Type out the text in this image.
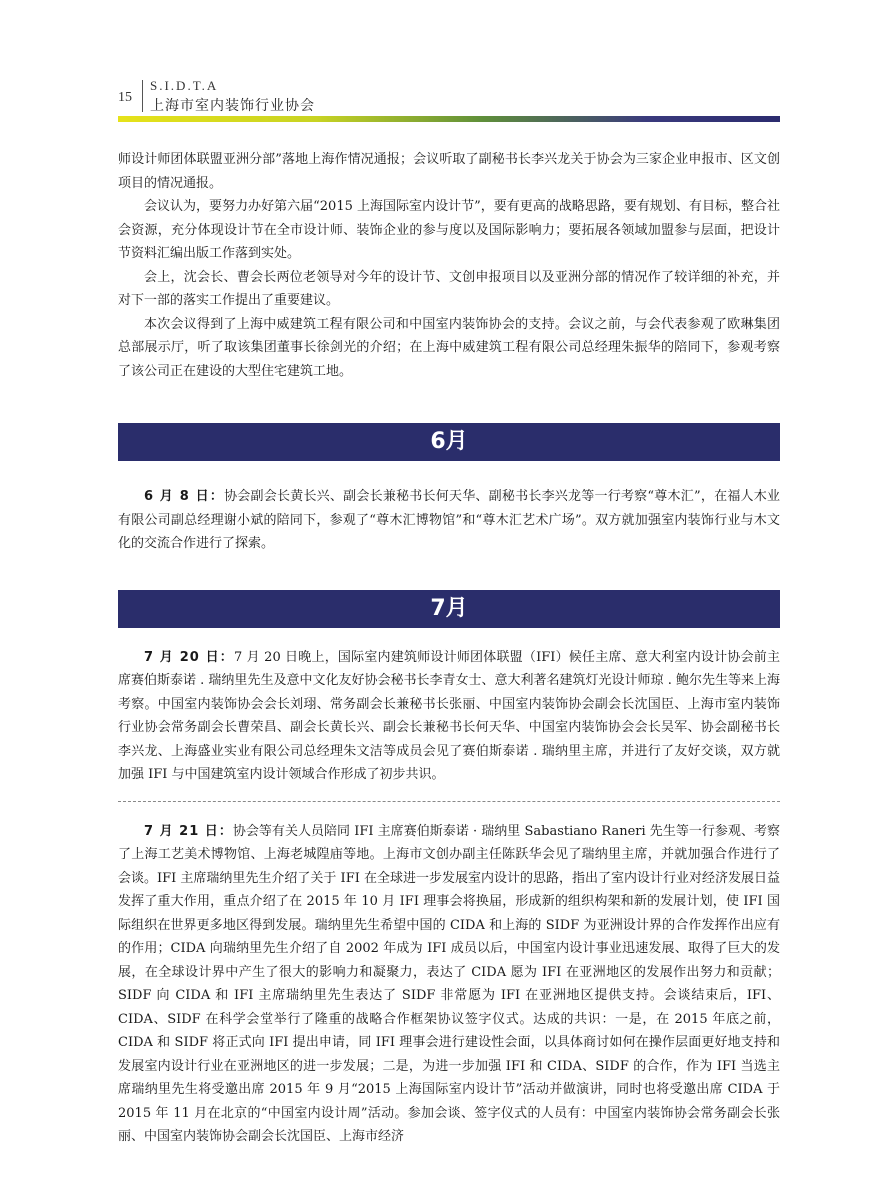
15
S.I.D.T.A
上海市室内装饰行业协会

师设计师团体联盟亚洲分部”落地上海作情况通报；会议听取了副秘书长李兴龙关于协会为三家企业申报市、区文创项目的情况通报。

会议认为，要努力办好第六届“2015 上海国际室内设计节”，要有更高的战略思路，要有规划、有目标，整合社会资源，充分体现设计节在全市设计师、装饰企业的参与度以及国际影响力；要拓展各领域加盟参与层面，把设计节资料汇编出版工作落到实处。

会上，沈会长、曹会长两位老领导对今年的设计节、文创申报项目以及亚洲分部的情况作了较详细的补充，并对下一部的落实工作提出了重要建议。

本次会议得到了上海中威建筑工程有限公司和中国室内装饰协会的支持。会议之前，与会代表参观了欧琳集团总部展示厅，听了取该集团董事长徐剑光的介绍；在上海中威建筑工程有限公司总经理朱振华的陪同下，参观考察了该公司正在建设的大型住宅建筑工地。

6月

6 月 8 日：协会副会长黄长兴、副会长兼秘书长何天华、副秘书长李兴龙等一行考察“尊木汇”，在福人木业有限公司副总经理谢小斌的陪同下，参观了“尊木汇博物馆”和“尊木汇艺术广场”。双方就加强室内装饰行业与木文化的交流合作进行了探索。

7月

7 月 20 日：7 月 20 日晚上，国际室内建筑师设计师团体联盟（IFI）候任主席、意大利室内设计协会前主席赛伯斯泰诺 . 瑞纳里先生及意中文化友好协会秘书长李青女士、意大利著名建筑灯光设计师琼 . 鲍尔先生等来上海考察。中国室内装饰协会会长刘珝、常务副会长兼秘书长张丽、中国室内装饰协会副会长沈国臣、上海市室内装饰行业协会常务副会长曹荣昌、副会长黄长兴、副会长兼秘书长何天华、中国室内装饰协会会长吴军、协会副秘书长李兴龙、上海盛业实业有限公司总经理朱文洁等成员会见了赛伯斯泰诺 . 瑞纳里主席，并进行了友好交谈，双方就加强 IFI 与中国建筑室内设计领域合作形成了初步共识。

7 月 21 日：协会等有关人员陪同 IFI 主席赛伯斯泰诺 · 瑞纳里 Sabastiano Raneri 先生等一行参观、考察了上海工艺美术博物馆、上海老城隍庙等地。上海市文创办副主任陈跃华会见了瑞纳里主席，并就加强合作进行了会谈。IFI 主席瑞纳里先生介绍了关于 IFI 在全球进一步发展室内设计的思路，指出了室内设计行业对经济发展日益发挥了重大作用，重点介绍了在 2015 年 10 月 IFI 理事会将换届，形成新的组织构架和新的发展计划，使 IFI 国际组织在世界更多地区得到发展。瑞纳里先生希望中国的 CIDA 和上海的 SIDF 为亚洲设计界的合作发挥作出应有的作用；CIDA 向瑞纳里先生介绍了自 2002 年成为 IFI 成员以后，中国室内设计事业迅速发展、取得了巨大的发展，在全球设计界中产生了很大的影响力和凝聚力，表达了 CIDA 愿为 IFI 在亚洲地区的发展作出努力和贡献；SIDF 向 CIDA 和 IFI 主席瑞纳里先生表达了 SIDF 非常愿为 IFI 在亚洲地区提供支持。会谈结束后，IFI、CIDA、SIDF 在科学会堂举行了隆重的战略合作框架协议签字仪式。达成的共识：一是，在 2015 年底之前，CIDA 和 SIDF 将正式向 IFI 提出申请，同 IFI 理事会进行建设性会面，以具体商讨如何在操作层面更好地支持和发展室内设计行业在亚洲地区的进一步发展；二是，为进一步加强 IFI 和 CIDA、SIDF 的合作，作为 IFI 当选主席瑞纳里先生将受邀出席 2015 年 9 月“2015 上海国际室内设计节”活动并做演讲，同时也将受邀出席 CIDA 于 2015 年 11 月在北京的“中国室内设计周”活动。参加会谈、签字仪式的人员有：中国室内装饰协会常务副会长张丽、中国室内装饰协会副会长沈国臣、上海市经济
